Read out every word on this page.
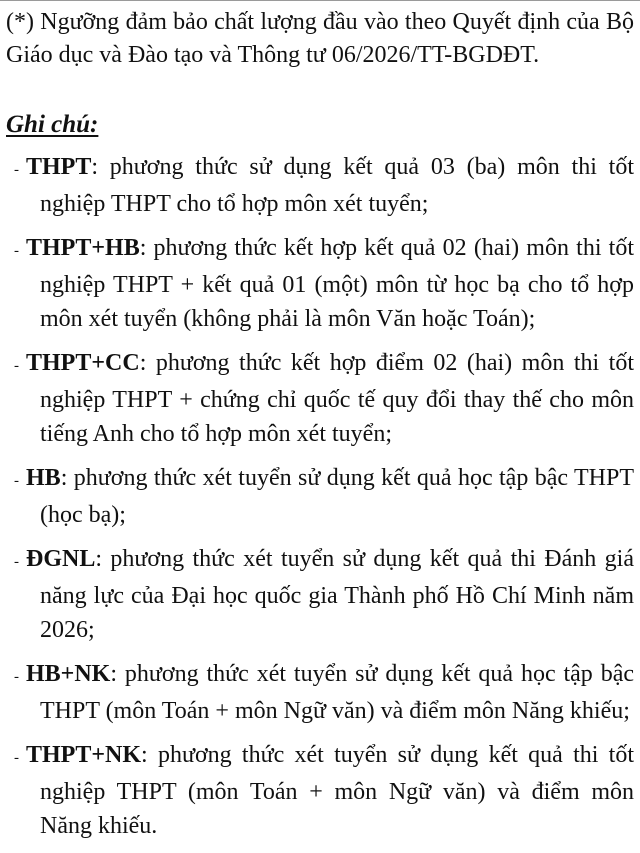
(*) Ngưỡng đảm bảo chất lượng đầu vào theo Quyết định của Bộ Giáo dục và Đào tạo và Thông tư 06/2026/TT-BGDĐT.

Ghi chú:
- THPT: phương thức sử dụng kết quả 03 (ba) môn thi tốt nghiệp THPT cho tổ hợp môn xét tuyển;
- THPT+HB: phương thức kết hợp kết quả 02 (hai) môn thi tốt nghiệp THPT + kết quả 01 (một) môn từ học bạ cho tổ hợp môn xét tuyển (không phải là môn Văn hoặc Toán);
- THPT+CC: phương thức kết hợp điểm 02 (hai) môn thi tốt nghiệp THPT + chứng chỉ quốc tế quy đổi thay thế cho môn tiếng Anh cho tổ hợp môn xét tuyển;
- HB: phương thức xét tuyển sử dụng kết quả học tập bậc THPT (học bạ);
- ĐGNL: phương thức xét tuyển sử dụng kết quả thi Đánh giá năng lực của Đại học quốc gia Thành phố Hồ Chí Minh năm 2026;
- HB+NK: phương thức xét tuyển sử dụng kết quả học tập bậc THPT (môn Toán + môn Ngữ văn) và điểm môn Năng khiếu;
- THPT+NK: phương thức xét tuyển sử dụng kết quả thi tốt nghiệp THPT (môn Toán + môn Ngữ văn) và điểm môn Năng khiếu.
